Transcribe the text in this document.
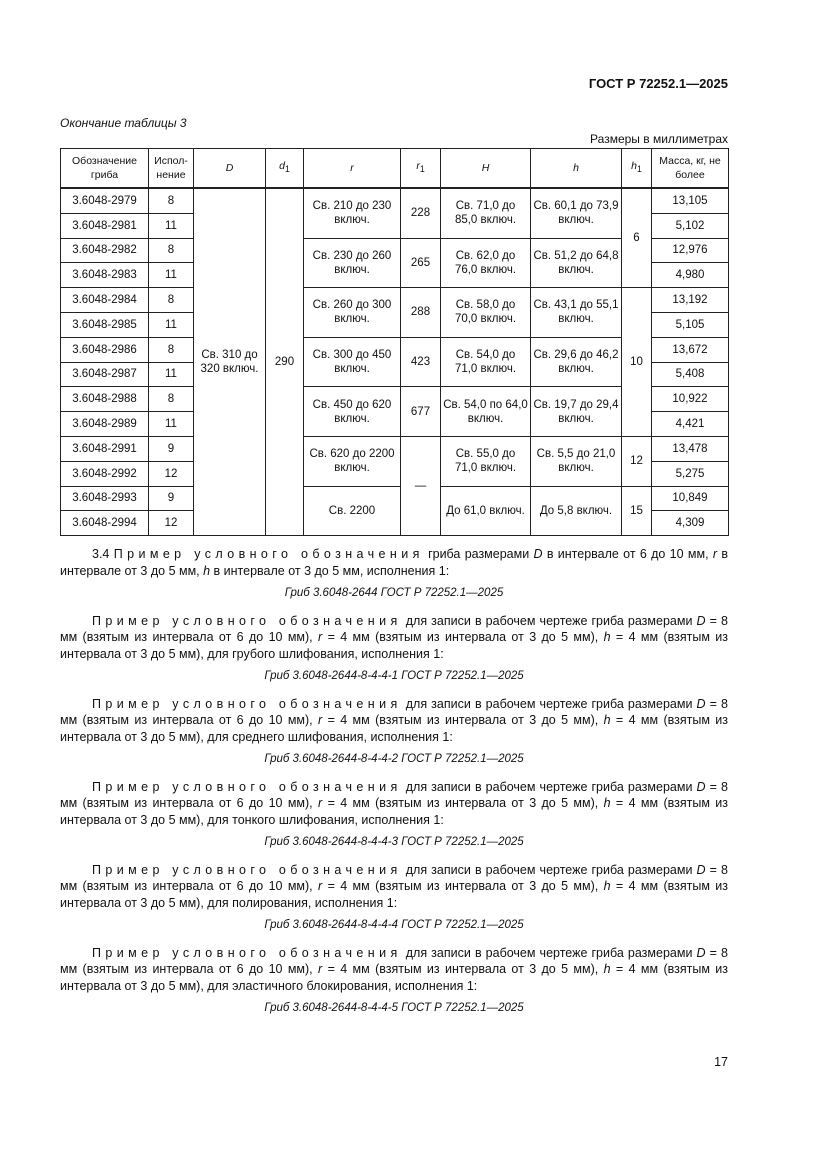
ГОСТ Р 72252.1—2025
Окончание таблицы 3
Размеры в миллиметрах
Обозначение гриба	Испол-нение	D	$d_1$	r	$r_1$	H	h	$h_1$	Масса, кг, не более
3.6048-2979	8	Св. 310 до 320 включ.	290	Св. 210 до 230 включ.	228	Св. 71,0 до 85,0 включ.	Св. 60,1 до 73,9 включ.	6	13,105
3.6048-2981	11								5,102
3.6048-2982	8			Св. 230 до 260 включ.	265	Св. 62,0 до 76,0 включ.	Св. 51,2 до 64,8 включ.		12,976
3.6048-2983	11								4,980
3.6048-2984	8			Св. 260 до 300 включ.	288	Св. 58,0 до 70,0 включ.	Св. 43,1 до 55,1 включ.	10	13,192
3.6048-2985	11								5,105
3.6048-2986	8			Св. 300 до 450 включ.	423	Св. 54,0 до 71,0 включ.	Св. 29,6 до 46,2 включ.		13,672
3.6048-2987	11								5,408
3.6048-2988	8			Св. 450 до 620 включ.	677	Св. 54,0 по 64,0 включ.	Св. 19,7 до 29,4 включ.		10,922
3.6048-2989	11								4,421
3.6048-2991	9			Св. 620 до 2200 включ.	—	Св. 55,0 до 71,0 включ.	Св. 5,5 до 21,0 включ.	12	13,478
3.6048-2992	12								5,275
3.6048-2993	9			Св. 2200		До 61,0 включ.	До 5,8 включ.	15	10,849
3.6048-2994	12								4,309

3.4 Пример условного обозначения гриба размерами D в интервале от 6 до 10 мм, r в интервале от 3 до 5 мм, h в интервале от 3 до 5 мм, исполнения 1:

Гриб 3.6048-2644 ГОСТ Р 72252.1—2025

Пример условного обозначения для записи в рабочем чертеже гриба размерами D = 8 мм (взятым из интервала от 6 до 10 мм), r = 4 мм (взятым из интервала от 3 до 5 мм), h = 4 мм (взятым из интервала от 3 до 5 мм), для грубого шлифования, исполнения 1:

Гриб 3.6048-2644-8-4-4-1 ГОСТ Р 72252.1—2025

Пример условного обозначения для записи в рабочем чертеже гриба размерами D = 8 мм (взятым из интервала от 6 до 10 мм), r = 4 мм (взятым из интервала от 3 до 5 мм), h = 4 мм (взятым из интервала от 3 до 5 мм), для среднего шлифования, исполнения 1:

Гриб 3.6048-2644-8-4-4-2 ГОСТ Р 72252.1—2025

Пример условного обозначения для записи в рабочем чертеже гриба размерами D = 8 мм (взятым из интервала от 6 до 10 мм), r = 4 мм (взятым из интервала от 3 до 5 мм), h = 4 мм (взятым из интервала от 3 до 5 мм), для тонкого шлифования, исполнения 1:

Гриб 3.6048-2644-8-4-4-3 ГОСТ Р 72252.1—2025

Пример условного обозначения для записи в рабочем чертеже гриба размерами D = 8 мм (взятым из интервала от 6 до 10 мм), r = 4 мм (взятым из интервала от 3 до 5 мм), h = 4 мм (взятым из интервала от 3 до 5 мм), для полирования, исполнения 1:

Гриб 3.6048-2644-8-4-4-4 ГОСТ Р 72252.1—2025

Пример условного обозначения для записи в рабочем чертеже гриба размерами D = 8 мм (взятым из интервала от 6 до 10 мм), r = 4 мм (взятым из интервала от 3 до 5 мм), h = 4 мм (взятым из интервала от 3 до 5 мм), для эластичного блокирования, исполнения 1:

Гриб 3.6048-2644-8-4-4-5 ГОСТ Р 72252.1—2025
17
